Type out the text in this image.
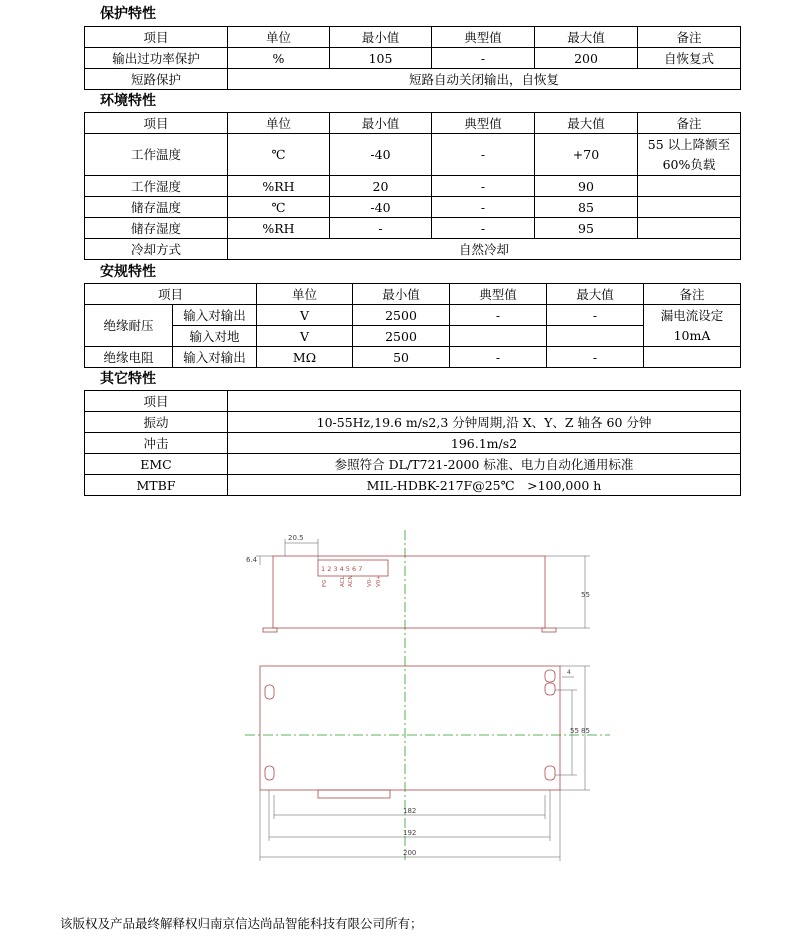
保护特性
项目	单位	最小值	典型值	最大值	备注
输出过功率保护	%	105	-	200	自恢复式
短路保护	短路自动关闭输出，自恢复				
环境特性
项目	单位	最小值	典型值	最大值	备注
工作温度	℃	-40	-	+70	55 以上降额至60%负载
工作湿度	%RH	20	-	90	
储存温度	℃	-40	-	85	
储存湿度	%RH	-	-	95	
冷却方式	自然冷却				
安规特性
项目		单位	最小值	典型值	最大值	备注
绝缘耐压	输入对输出	V	2500	-	-	漏电流设定10mA
	输入对地	V	2500			
绝缘电阻	输入对输出	MΩ	50	-	-	
其它特性
项目	
振动	10-55Hz,19.6 m/s2,3 分钟周期,沿 X、Y、Z 轴各 60 分钟
冲击	196.1m/s2
EMC	参照符合 DL/T721-2000 标准、电力自动化通用标准
MTBF	MIL-HDBK-217F@25℃　>100,000 h
20.5
6.4
1 2 3 4 5 6 7
FG ACL ACN V0- V0+
55
4
55 85
182
192
200
该版权及产品最终解释权归南京信达尚品智能科技有限公司所有；
